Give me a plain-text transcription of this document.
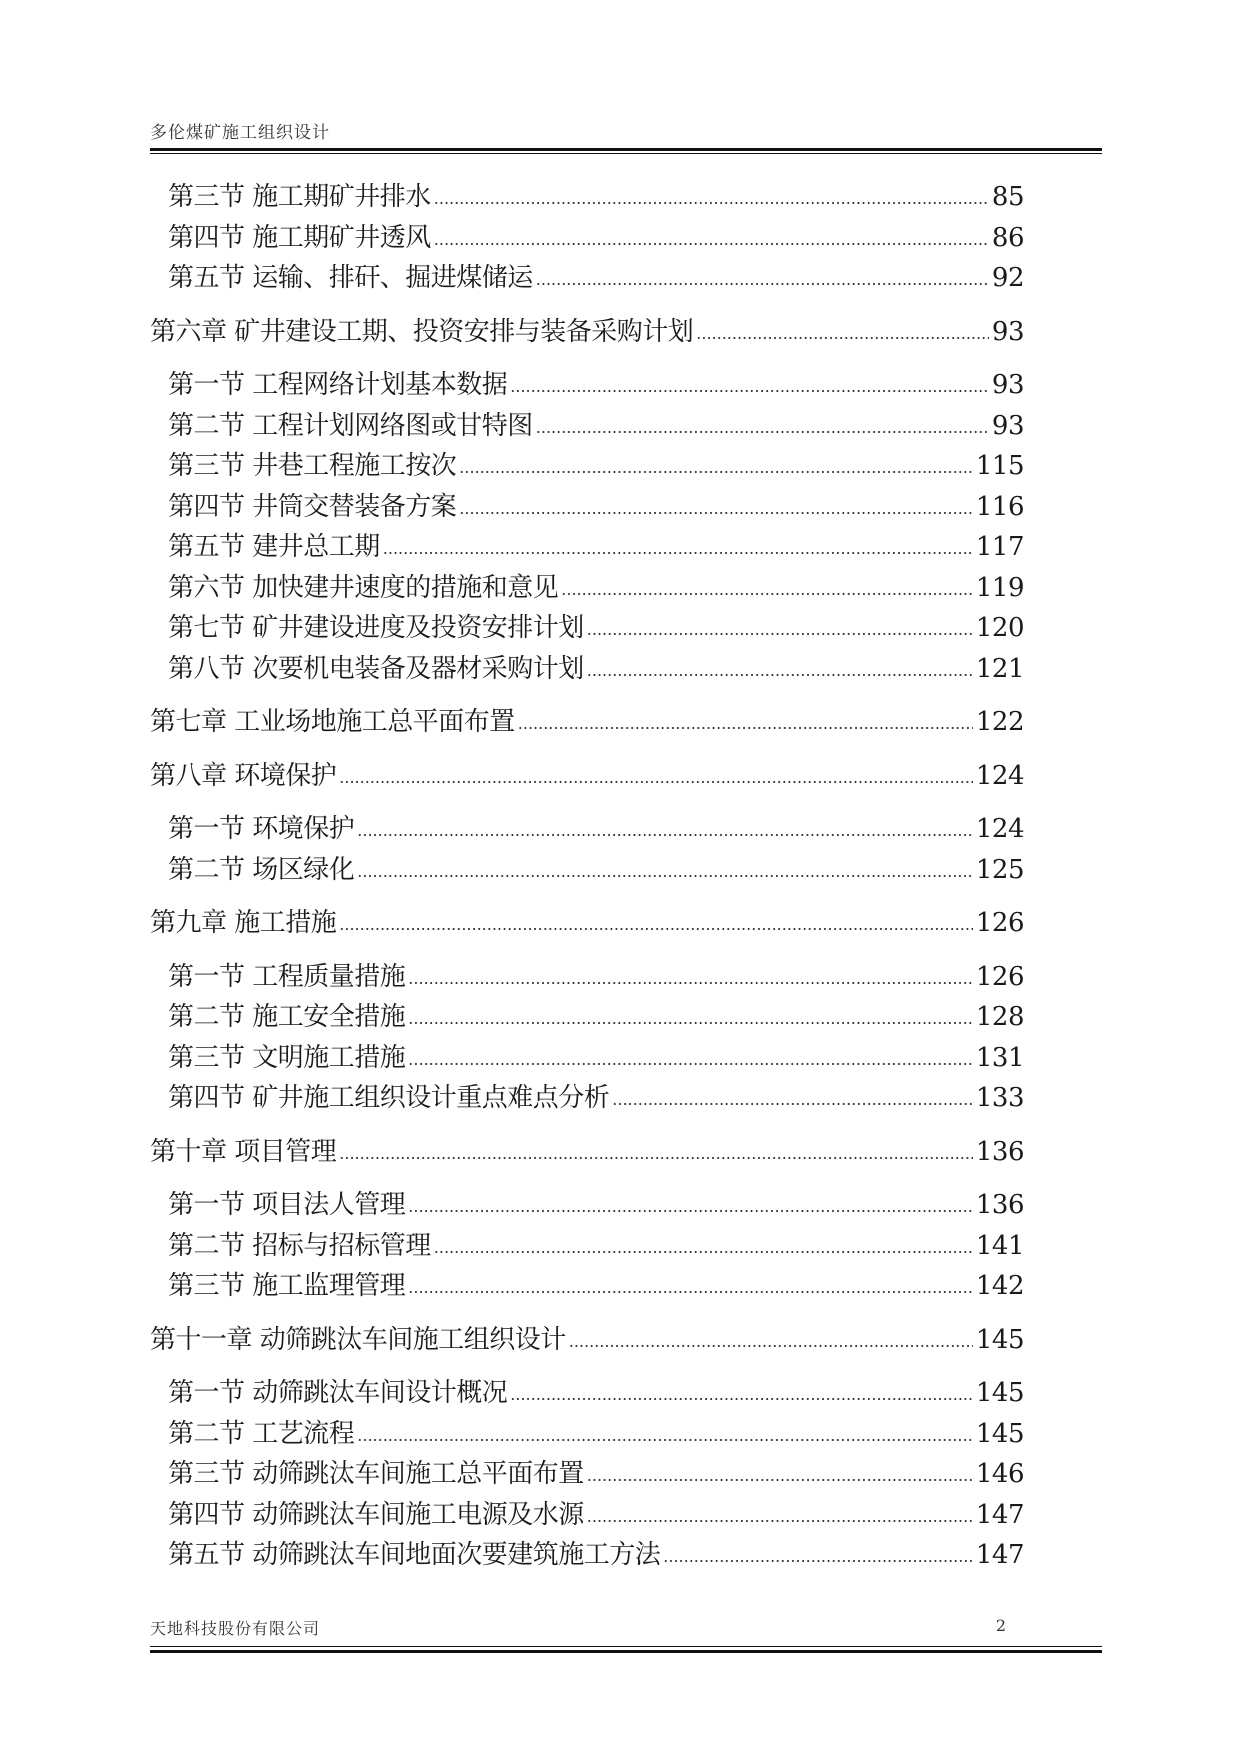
多伦煤矿施工组织设计
第三节 施工期矿井排水 .....	85
第四节 施工期矿井透风 .....	86
第五节 运输、排矸、掘进煤储运 .....	92
第六章 矿井建设工期、投资安排与装备采购计划 .....	93
第一节 工程网络计划基本数据 .....	93
第二节 工程计划网络图或甘特图 .....	93
第三节 井巷工程施工按次 .....	115
第四节 井筒交替装备方案 .....	116
第五节 建井总工期 .....	117
第六节 加快建井速度的措施和意见 .....	119
第七节 矿井建设进度及投资安排计划 .....	120
第八节 次要机电装备及器材采购计划 .....	121
第七章 工业场地施工总平面布置 .....	122
第八章 环境保护 .....	124
第一节 环境保护 .....	124
第二节 场区绿化 .....	125
第九章 施工措施 .....	126
第一节 工程质量措施 .....	126
第二节 施工安全措施 .....	128
第三节 文明施工措施 .....	131
第四节 矿井施工组织设计重点难点分析 .....	133
第十章 项目管理 .....	136
第一节 项目法人管理 .....	136
第二节 招标与招标管理 .....	141
第三节 施工监理管理 .....	142
第十一章 动筛跳汰车间施工组织设计 .....	145
第一节 动筛跳汰车间设计概况 .....	145
第二节 工艺流程 .....	145
第三节 动筛跳汰车间施工总平面布置 .....	146
第四节 动筛跳汰车间施工电源及水源 .....	147
第五节 动筛跳汰车间地面次要建筑施工方法 .....	147
天地科技股份有限公司	2
